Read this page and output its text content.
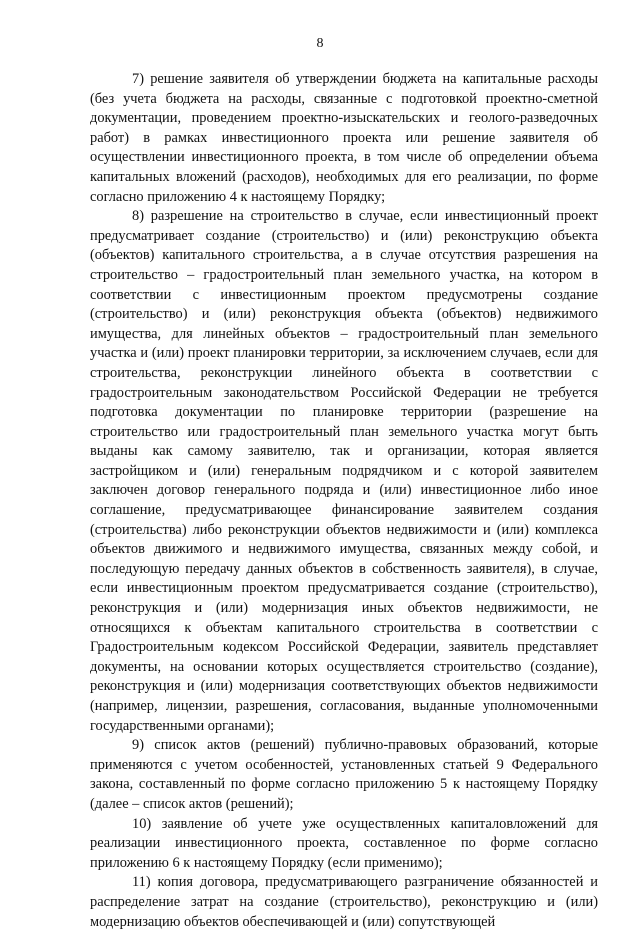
8

7) решение заявителя об утверждении бюджета на капитальные расходы (без учета бюджета на расходы, связанные с подготовкой проектно-сметной документации, проведением проектно-изыскательских и геолого-разведочных работ) в рамках инвестиционного проекта или решение заявителя об осуществлении инвестиционного проекта, в том числе об определении объема капитальных вложений (расходов), необходимых для его реализации, по форме согласно приложению 4 к настоящему Порядку;

8) разрешение на строительство в случае, если инвестиционный проект предусматривает создание (строительство) и (или) реконструкцию объекта (объектов) капитального строительства, а в случае отсутствия разрешения на строительство – градостроительный план земельного участка, на котором в соответствии с инвестиционным проектом предусмотрены создание (строительство) и (или) реконструкция объекта (объектов) недвижимого имущества, для линейных объектов – градостроительный план земельного участка и (или) проект планировки территории, за исключением случаев, если для строительства, реконструкции линейного объекта в соответствии с градостроительным законодательством Российской Федерации не требуется подготовка документации по планировке территории (разрешение на строительство или градостроительный план земельного участка могут быть выданы как самому заявителю, так и организации, которая является застройщиком и (или) генеральным подрядчиком и с которой заявителем заключен договор генерального подряда и (или) инвестиционное либо иное соглашение, предусматривающее финансирование заявителем создания (строительства) либо реконструкции объектов недвижимости и (или) комплекса объектов движимого и недвижимого имущества, связанных между собой, и последующую передачу данных объектов в собственность заявителя), в случае, если инвестиционным проектом предусматривается создание (строительство), реконструкция и (или) модернизация иных объектов недвижимости, не относящихся к объектам капитального строительства в соответствии с Градостроительным кодексом Российской Федерации, заявитель представляет документы, на основании которых осуществляется строительство (создание), реконструкция и (или) модернизация соответствующих объектов недвижимости (например, лицензии, разрешения, согласования, выданные уполномоченными государственными органами);

9) список актов (решений) публично-правовых образований, которые применяются с учетом особенностей, установленных статьей 9 Федерального закона, составленный по форме согласно приложению 5 к настоящему Порядку (далее – список актов (решений);

10) заявление об учете уже осуществленных капиталовложений для реализации инвестиционного проекта, составленное по форме согласно приложению 6 к настоящему Порядку (если применимо);

11) копия договора, предусматривающего разграничение обязанностей и распределение затрат на создание (строительство), реконструкцию и (или) модернизацию объектов обеспечивающей и (или) сопутствующей
